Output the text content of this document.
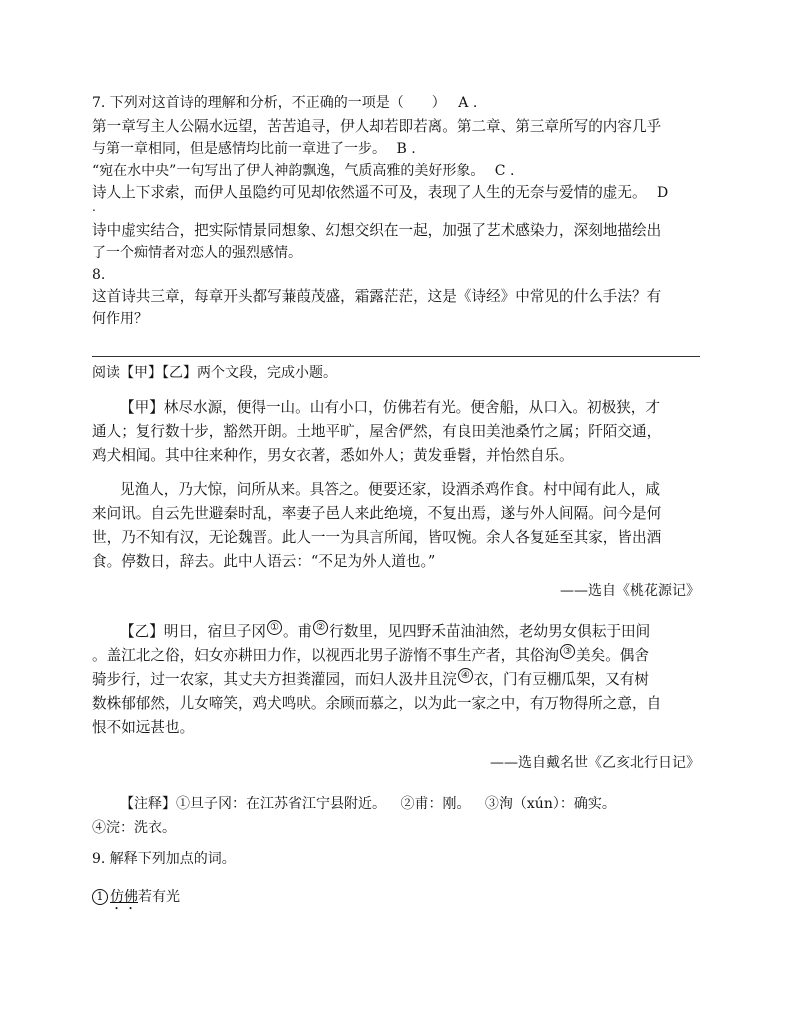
7. 下列对这首诗的理解和分析，不正确的一项是（　　） A .
第一章写主人公隔水远望，苦苦追寻，伊人却若即若离。第二章、第三章所写的内容几乎
与第一章相同，但是感情均比前一章进了一步。 B .
“宛在水中央”一句写出了伊人神韵飘逸，气质高雅的美好形象。 C .
诗人上下求索，而伊人虽隐约可见却依然遥不可及，表现了人生的无奈与爱情的虚无。 D
.
诗中虚实结合，把实际情景同想象、幻想交织在一起，加强了艺术感染力，深刻地描绘出
了一个痴情者对恋人的强烈感情。
8.
这首诗共三章，每章开头都写蒹葭茂盛，霜露茫茫，这是《诗经》中常见的什么手法？有
何作用？
阅读【甲】【乙】两个文段，完成小题。
【甲】林尽水源，便得一山。山有小口，仿佛若有光。便舍船，从口入。初极狭，才
通人；复行数十步，豁然开朗。土地平旷，屋舍俨然，有良田美池桑竹之属；阡陌交通，
鸡犬相闻。其中往来种作，男女衣著，悉如外人；黄发垂髫，并怡然自乐。
见渔人，乃大惊，问所从来。具答之。便要还家，设酒杀鸡作食。村中闻有此人，咸
来问讯。自云先世避秦时乱，率妻子邑人来此绝境，不复出焉，遂与外人间隔。问今是何
世，乃不知有汉，无论魏晋。此人一一为具言所闻，皆叹惋。余人各复延至其家，皆出酒
食。停数日，辞去。此中人语云：“不足为外人道也。”
——选自《桃花源记》
【乙】明日，宿旦子冈 ① 。甫 ② 行数里，见四野禾苗油油然，老幼男女俱耘于田间
。盖江北之俗，妇女亦耕田力作，以视西北男子游惰不事生产者，其俗洵 ③ 美矣。偶舍
骑步行，过一农家，其丈夫方担粪灌园，而妇人汲井且浣 ④ 衣，门有豆棚瓜架，又有树
数株郁郁然，儿女啼笑，鸡犬鸣吠。余顾而慕之，以为此一家之中，有万物得所之意，自
恨不如远甚也。
——选自戴名世《乙亥北行日记》
【注释】①旦子冈：在江苏省江宁县附近。 ②甫：刚。 ③洵（xún）：确实。
④浣：洗衣。
9. 解释下列加点的词。
1 仿佛若有光
